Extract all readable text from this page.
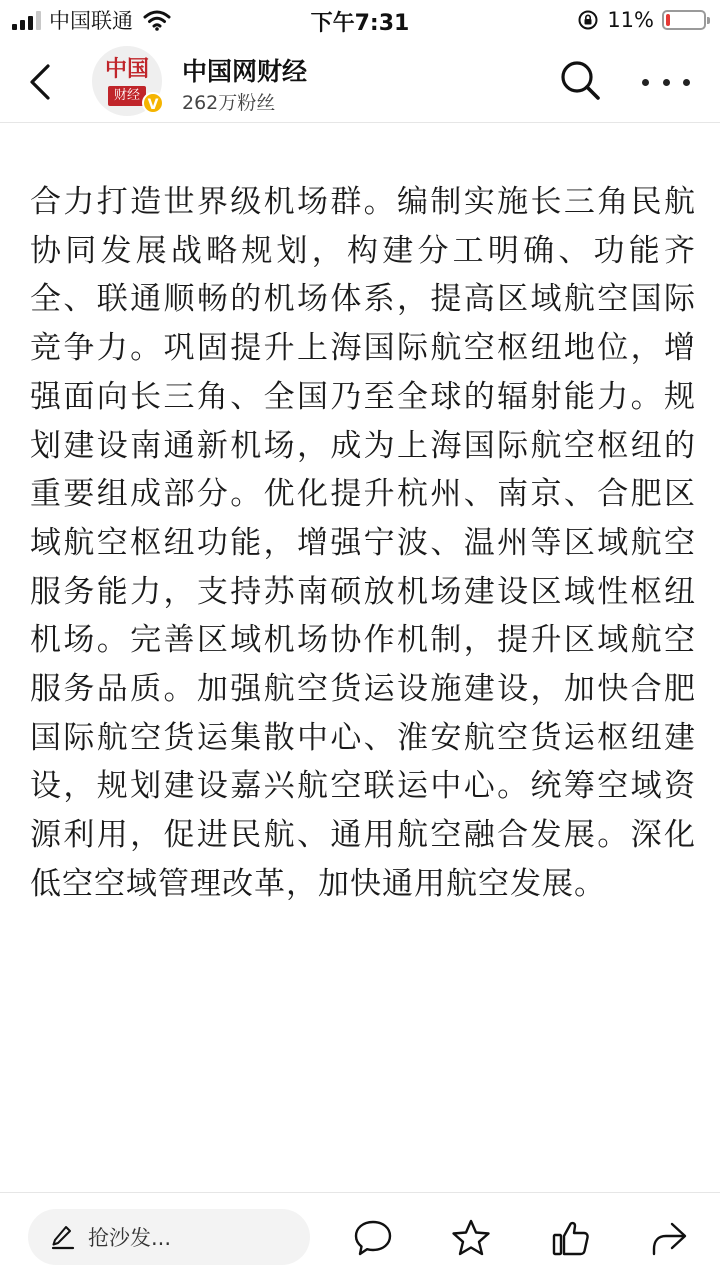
中国联通	下午7:31	11%
中国
财经
V
中国网财经
262万粉丝
合力打造世界级机场群。编制实施长三角民航协同发展战略规划，构建分工明确、功能齐全、联通顺畅的机场体系，提高区域航空国际竞争力。巩固提升上海国际航空枢纽地位，增强面向长三角、全国乃至全球的辐射能力。规划建设南通新机场，成为上海国际航空枢纽的重要组成部分。优化提升杭州、南京、合肥区域航空枢纽功能，增强宁波、温州等区域航空服务能力，支持苏南硕放机场建设区域性枢纽机场。完善区域机场协作机制，提升区域航空服务品质。加强航空货运设施建设，加快合肥国际航空货运集散中心、淮安航空货运枢纽建设，规划建设嘉兴航空联运中心。统筹空域资源利用，促进民航、通用航空融合发展。深化低空空域管理改革，加快通用航空发展。
抢沙发...
